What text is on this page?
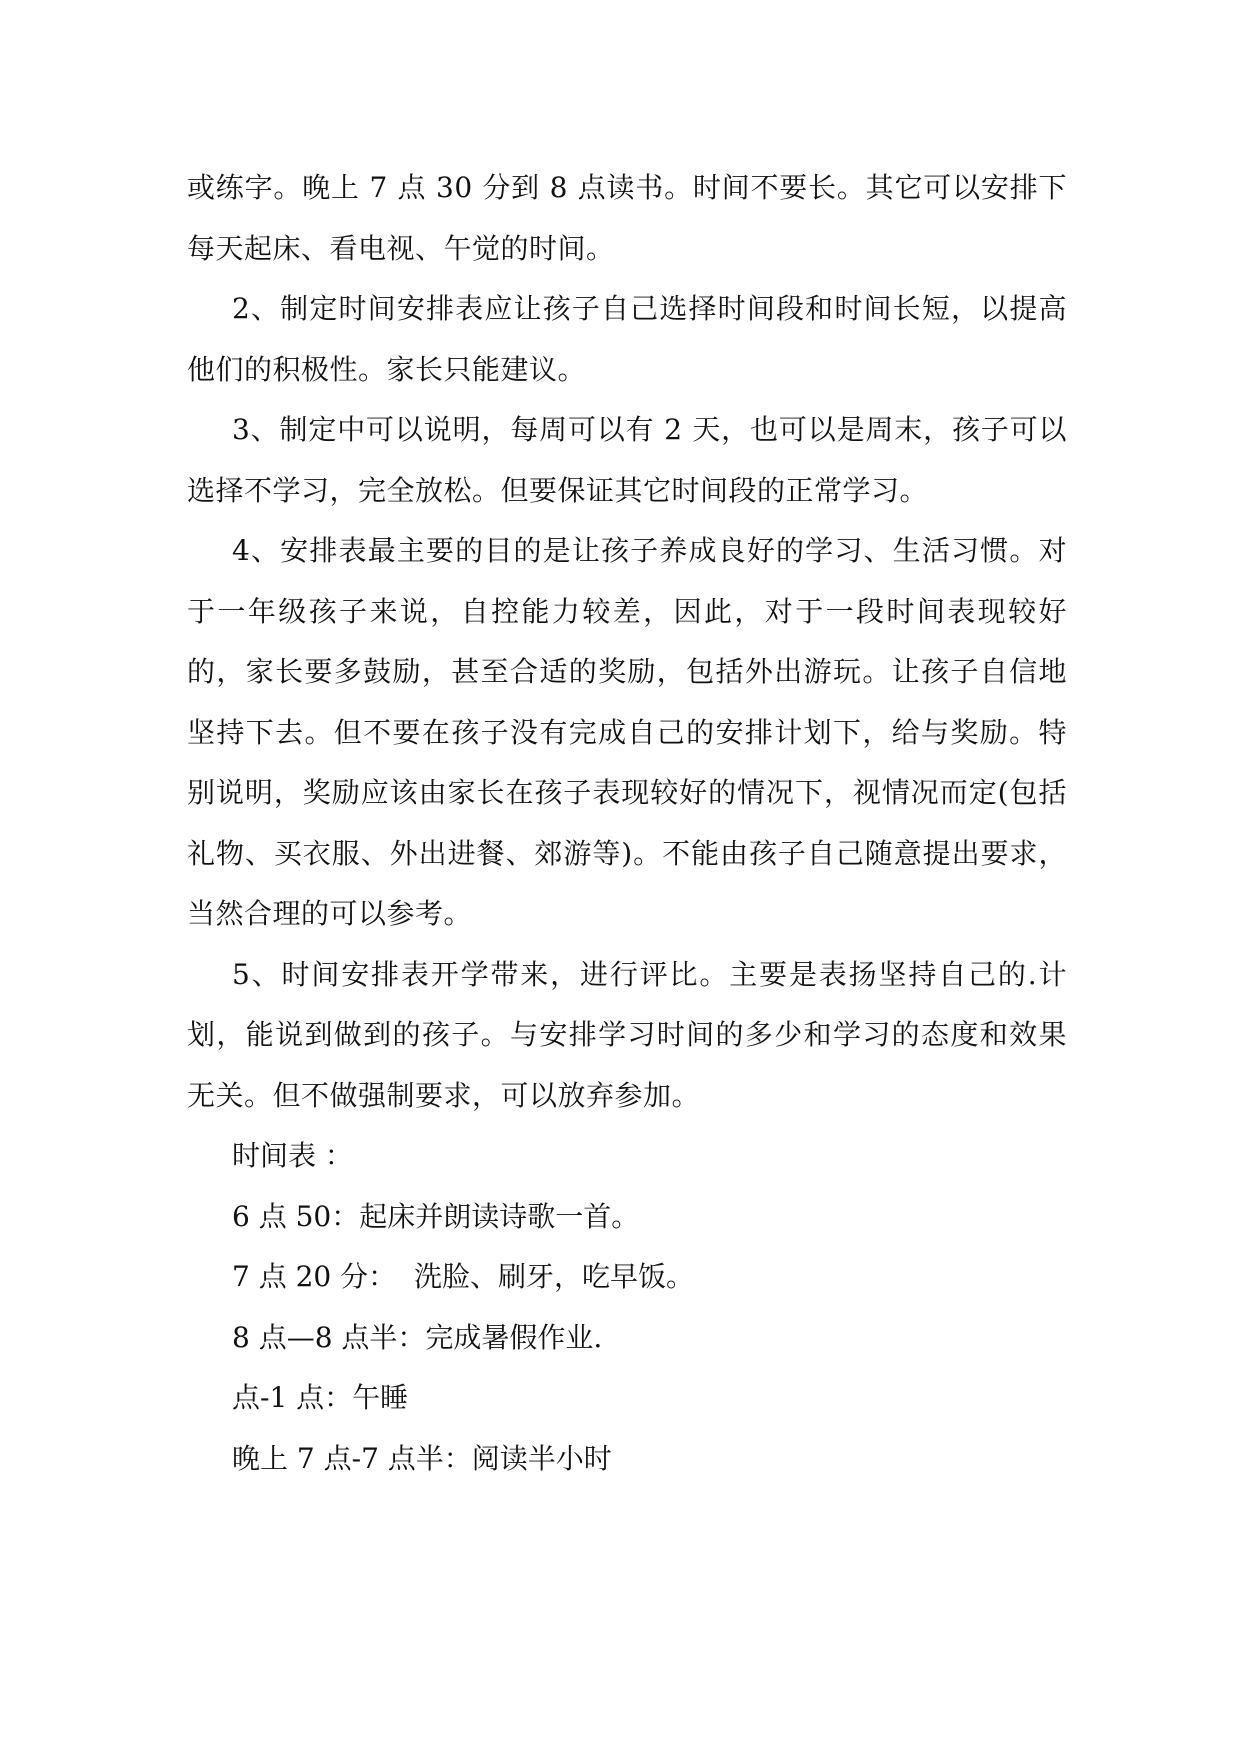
或练字。晚上 7 点 30 分到 8 点读书。时间不要长。其它可以安排下每天起床、看电视、午觉的时间。

2、制定时间安排表应让孩子自己选择时间段和时间长短，以提高他们的积极性。家长只能建议。

3、制定中可以说明，每周可以有 2 天，也可以是周末，孩子可以选择不学习，完全放松。但要保证其它时间段的正常学习。

4、安排表最主要的目的是让孩子养成良好的学习、生活习惯。对于一年级孩子来说，自控能力较差，因此，对于一段时间表现较好的，家长要多鼓励，甚至合适的奖励，包括外出游玩。让孩子自信地坚持下去。但不要在孩子没有完成自己的安排计划下，给与奖励。特别说明，奖励应该由家长在孩子表现较好的情况下，视情况而定(包括礼物、买衣服、外出进餐、郊游等)。不能由孩子自己随意提出要求，当然合理的可以参考。

5、时间安排表开学带来，进行评比。主要是表扬坚持自己的.计划，能说到做到的孩子。与安排学习时间的多少和学习的态度和效果无关。但不做强制要求，可以放弃参加。

时间表 ：

6 点 50：起床并朗读诗歌一首。

7 点 20 分：  洗脸、刷牙，吃早饭。

8 点—8 点半：完成暑假作业.

点-1 点：午睡

晚上 7 点-7 点半：阅读半小时
